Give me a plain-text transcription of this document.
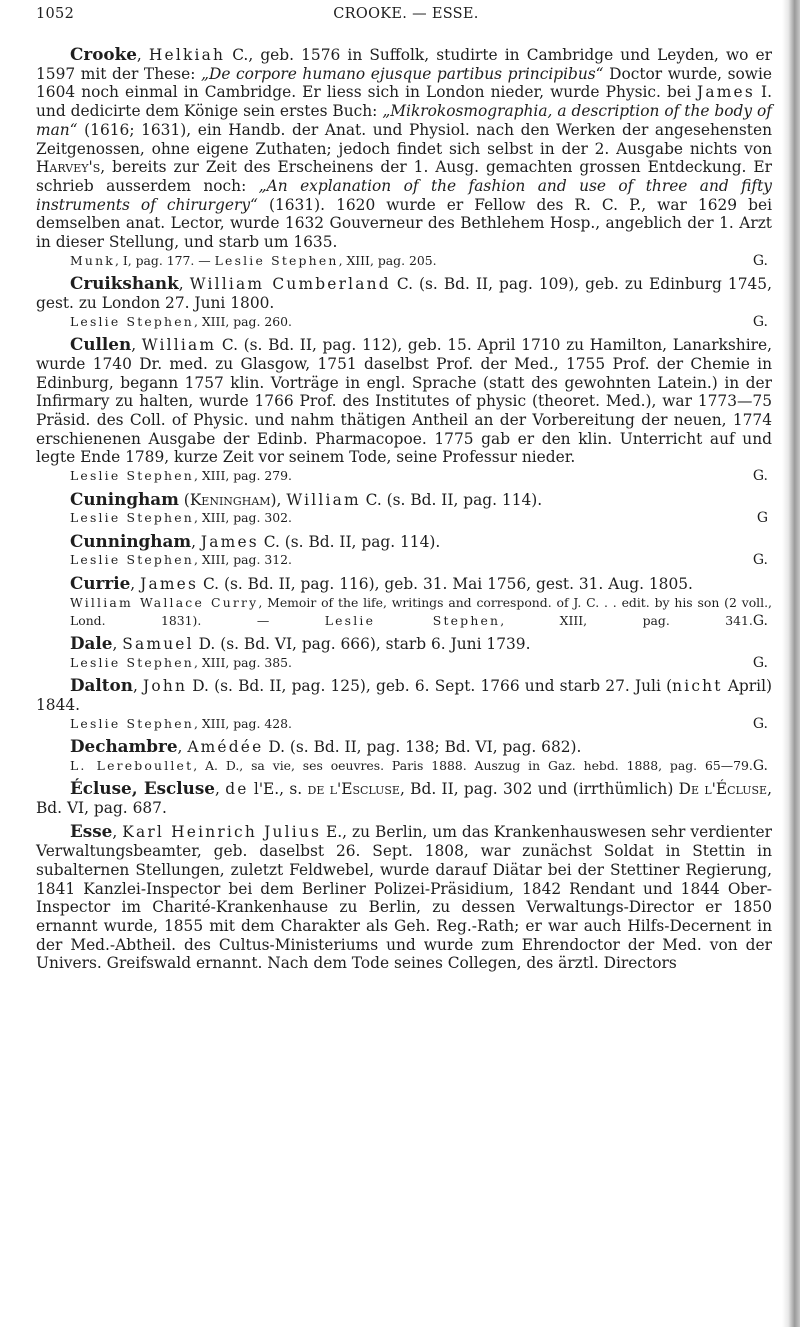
1052	CROOKE. — ESSE.

Crooke, Helkiah C., geb. 1576 in Suffolk, studirte in Cambridge und Leyden, wo er 1597 mit der These: „De corpore humano ejusque partibus principibus“ Doctor wurde, sowie 1604 noch einmal in Cambridge. Er liess sich in London nieder, wurde Physic. bei James I. und dedicirte dem Könige sein erstes Buch: „Mikrokosmographia, a description of the body of man“ (1616; 1631), ein Handb. der Anat. und Physiol. nach den Werken der angesehensten Zeitgenossen, ohne eigene Zuthaten; jedoch findet sich selbst in der 2. Ausgabe nichts von Harvey's, bereits zur Zeit des Erscheinens der 1. Ausg. gemachten grossen Entdeckung. Er schrieb ausserdem noch: „An explanation of the fashion and use of three and fifty instruments of chirurgery“ (1631). 1620 wurde er Fellow des R. C. P., war 1629 bei demselben anat. Lector, wurde 1632 Gouverneur des Bethlehem Hosp., angeblich der 1. Arzt in dieser Stellung, und starb um 1635.

Munk, I, pag. 177. — Leslie Stephen, XIII, pag. 205.	G.

Cruikshank, William Cumberland C. (s. Bd. II, pag. 109), geb. zu Edinburg 1745, gest. zu London 27. Juni 1800.

Leslie Stephen, XIII, pag. 260.	G.

Cullen, William C. (s. Bd. II, pag. 112), geb. 15. April 1710 zu Hamilton, Lanarkshire, wurde 1740 Dr. med. zu Glasgow, 1751 daselbst Prof. der Med., 1755 Prof. der Chemie in Edinburg, begann 1757 klin. Vorträge in engl. Sprache (statt des gewohnten Latein.) in der Infirmary zu halten, wurde 1766 Prof. des Institutes of physic (theoret. Med.), war 1773—75 Präsid. des Coll. of Physic. und nahm thätigen Antheil an der Vorbereitung der neuen, 1774 erschienenen Ausgabe der Edinb. Pharmacopoe. 1775 gab er den klin. Unterricht auf und legte Ende 1789, kurze Zeit vor seinem Tode, seine Professur nieder.

Leslie Stephen, XIII, pag. 279.	G.

Cuningham (Keningham), William C. (s. Bd. II, pag. 114).

Leslie Stephen, XIII, pag. 302.	G

Cunningham, James C. (s. Bd. II, pag. 114).

Leslie Stephen, XIII, pag. 312.	G.

Currie, James C. (s. Bd. II, pag. 116), geb. 31. Mai 1756, gest. 31. Aug. 1805.

William Wallace Curry, Memoir of the life, writings and correspond. of J. C. . . edit. by his son (2 voll., Lond. 1831). — Leslie Stephen, XIII, pag. 341.G.

Dale, Samuel D. (s. Bd. VI, pag. 666), starb 6. Juni 1739.

Leslie Stephen, XIII, pag. 385.	G.

Dalton, John D. (s. Bd. II, pag. 125), geb. 6. Sept. 1766 und starb 27. Juli (nicht April) 1844.

Leslie Stephen, XIII, pag. 428.	G.

Dechambre, Amédée D. (s. Bd. II, pag. 138; Bd. VI, pag. 682).

L. Lereboullet, A. D., sa vie, ses oeuvres. Paris 1888. Auszug in Gaz. hebd. 1888, pag. 65—79.G.

Écluse, Escluse, de l'E., s. de l'Escluse, Bd. II, pag. 302 und (irrthümlich) De l'Écluse, Bd. VI, pag. 687.

Esse, Karl Heinrich Julius E., zu Berlin, um das Krankenhauswesen sehr verdienter Verwaltungsbeamter, geb. daselbst 26. Sept. 1808, war zunächst Soldat in Stettin in subalternen Stellungen, zuletzt Feldwebel, wurde darauf Diätar bei der Stettiner Regierung, 1841 Kanzlei-Inspector bei dem Berliner Polizei-Präsidium, 1842 Rendant und 1844 Ober-Inspector im Charité-Krankenhause zu Berlin, zu dessen Verwaltungs-Director er 1850 ernannt wurde, 1855 mit dem Charakter als Geh. Reg.-Rath; er war auch Hilfs-Decernent in der Med.-Abtheil. des Cultus-Ministeriums und wurde zum Ehrendoctor der Med. von der Univers. Greifswald ernannt. Nach dem Tode seines Collegen, des ärztl. Directors
